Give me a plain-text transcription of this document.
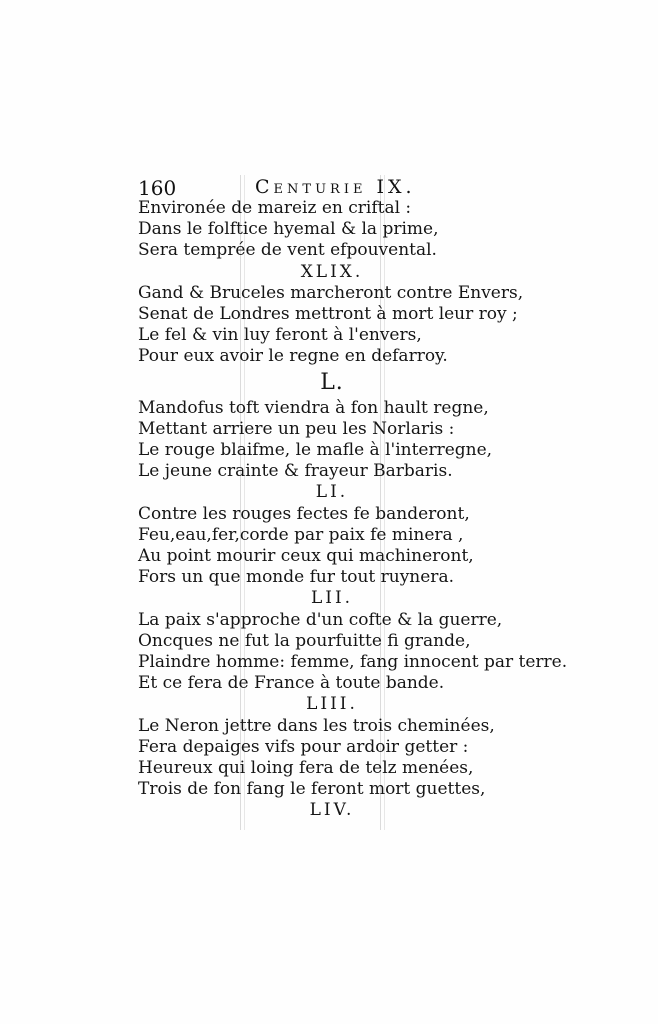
160	Centurie IX.
Environée de mareiz en criftal :
Dans le folftice hyemal & la prime,
Sera temprée de vent efpouvental.
XLIX.
Gand & Bruceles marcheront contre Envers,
Senat de Londres mettront à mort leur roy ;
Le fel & vin luy feront à l'envers,
Pour eux avoir le regne en defarroy.
L.
Mandofus toft viendra à fon hault regne,
Mettant arriere un peu les Norlaris :
Le rouge blaifme, le mafle à l'interregne,
Le jeune crainte & frayeur Barbaris.
LI.
Contre les rouges fectes fe banderont,
Feu,eau,fer,corde par paix fe minera ,
Au point mourir ceux qui machineront,
Fors un que monde fur tout ruynera.
LII.
La paix s'approche d'un cofte & la guerre,
Oncques ne fut la pourfuitte fi grande,
Plaindre homme: femme, fang innocent par terre.
Et ce fera de France à toute bande.
LIII.
Le Neron jettre dans les trois cheminées,
Fera depaiges vifs pour ardoir getter :
Heureux qui loing fera de telz menées,
Trois de fon fang le feront mort guettes,
LIV.
